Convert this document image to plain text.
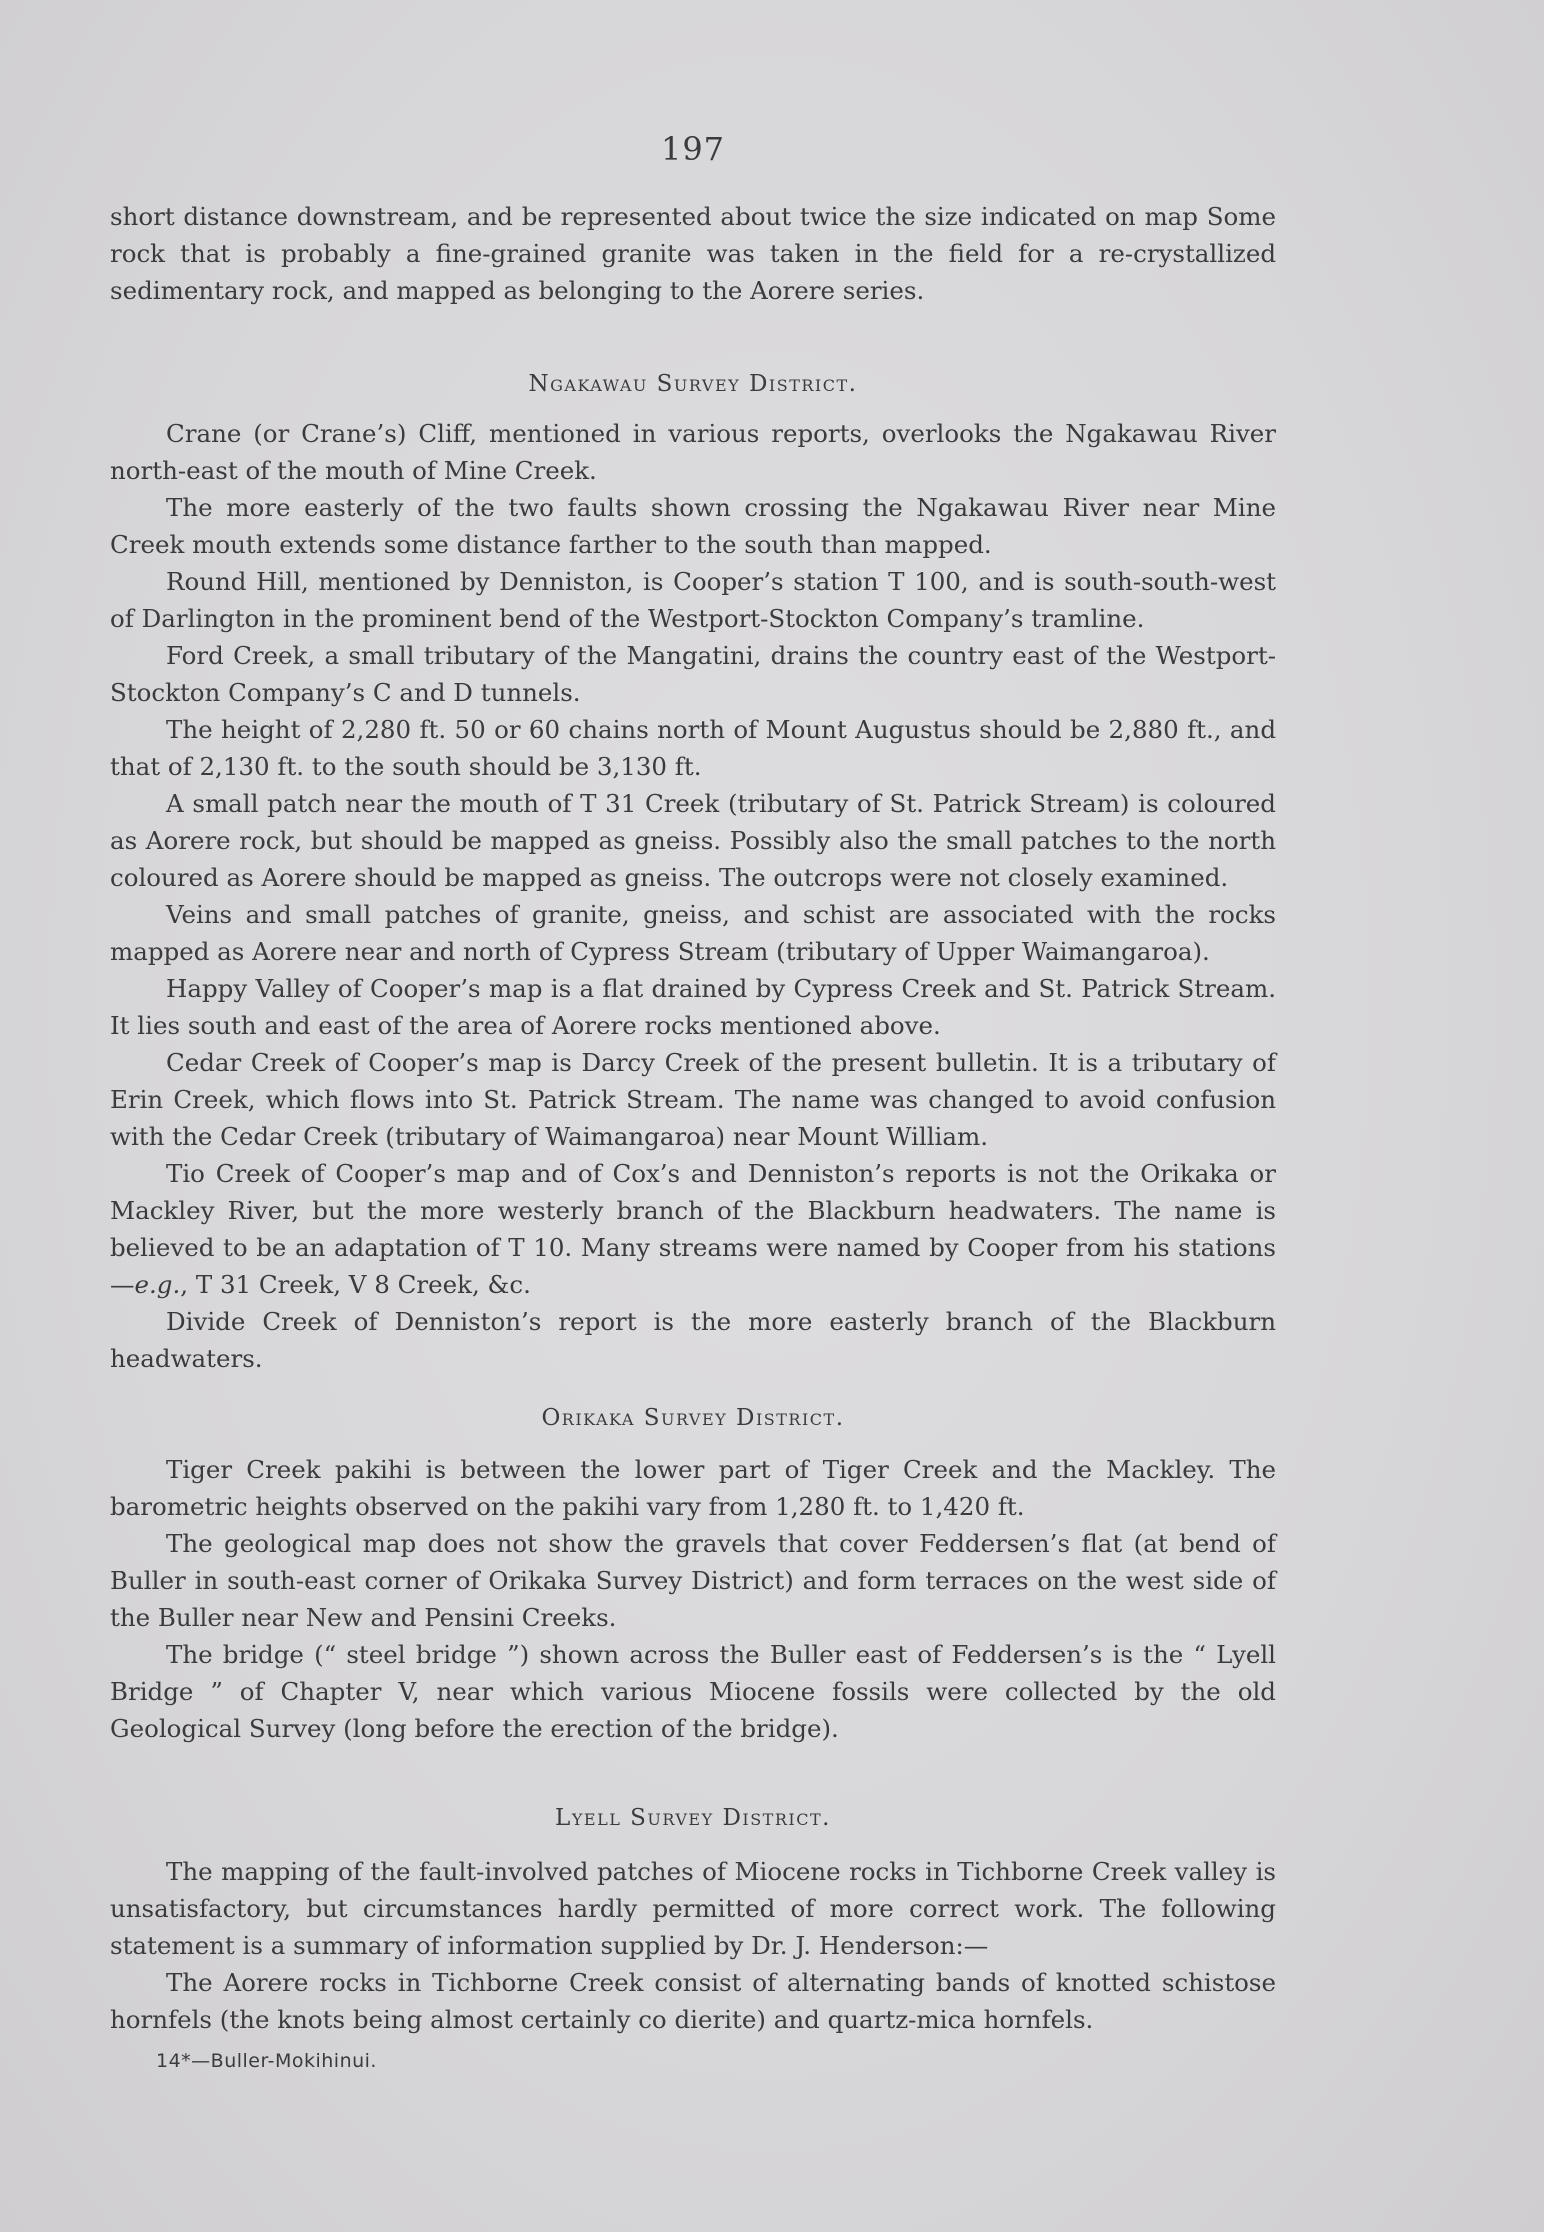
197

short distance downstream, and be represented about twice the size indicated on map Some rock that is probably a fine-grained granite was taken in the field for a re-crystallized sedimentary rock, and mapped as belonging to the Aorere series.

Ngakawau Survey District.

Crane (or Crane’s) Cliff, mentioned in various reports, overlooks the Ngakawau River north-east of the mouth of Mine Creek.

The more easterly of the two faults shown crossing the Ngakawau River near Mine Creek mouth extends some distance farther to the south than mapped.

Round Hill, mentioned by Denniston, is Cooper’s station T 100, and is south-south-west of Darlington in the prominent bend of the Westport-Stockton Company’s tramline.

Ford Creek, a small tributary of the Mangatini, drains the country east of the Westport-Stockton Company’s C and D tunnels.

The height of 2,280 ft. 50 or 60 chains north of Mount Augustus should be 2,880 ft., and that of 2,130 ft. to the south should be 3,130 ft.

A small patch near the mouth of T 31 Creek (tributary of St. Patrick Stream) is coloured as Aorere rock, but should be mapped as gneiss. Possibly also the small patches to the north coloured as Aorere should be mapped as gneiss. The outcrops were not closely examined.

Veins and small patches of granite, gneiss, and schist are associated with the rocks mapped as Aorere near and north of Cypress Stream (tributary of Upper Waimangaroa).

Happy Valley of Cooper’s map is a flat drained by Cypress Creek and St. Patrick Stream. It lies south and east of the area of Aorere rocks mentioned above.

Cedar Creek of Cooper’s map is Darcy Creek of the present bulletin. It is a tributary of Erin Creek, which flows into St. Patrick Stream. The name was changed to avoid confusion with the Cedar Creek (tributary of Waimangaroa) near Mount William.

Tio Creek of Cooper’s map and of Cox’s and Denniston’s reports is not the Orikaka or Mackley River, but the more westerly branch of the Blackburn headwaters. The name is believed to be an adaptation of T 10. Many streams were named by Cooper from his stations—e.g., T 31 Creek, V 8 Creek, &c.

Divide Creek of Denniston’s report is the more easterly branch of the Blackburn headwaters.

Orikaka Survey District.

Tiger Creek pakihi is between the lower part of Tiger Creek and the Mackley. The barometric heights observed on the pakihi vary from 1,280 ft. to 1,420 ft.

The geological map does not show the gravels that cover Feddersen’s flat (at bend of Buller in south-east corner of Orikaka Survey District) and form terraces on the west side of the Buller near New and Pensini Creeks.

The bridge (“ steel bridge ”) shown across the Buller east of Feddersen’s is the “ Lyell Bridge ” of Chapter V, near which various Miocene fossils were collected by the old Geological Survey (long before the erection of the bridge).

Lyell Survey District.

The mapping of the fault-involved patches of Miocene rocks in Tichborne Creek valley is unsatisfactory, but circumstances hardly permitted of more correct work. The following statement is a summary of information supplied by Dr. J. Henderson:—

The Aorere rocks in Tichborne Creek consist of alternating bands of knotted schistose hornfels (the knots being almost certainly co dierite) and quartz-mica hornfels.

14*—Buller-Mokihinui.
